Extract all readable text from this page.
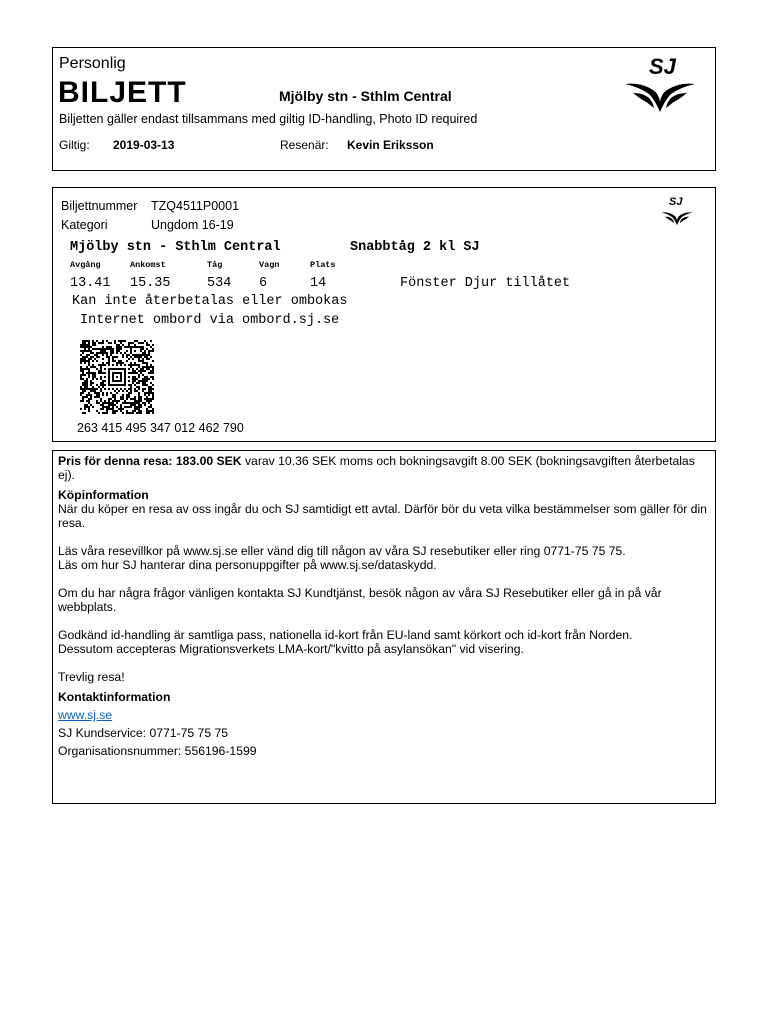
Personlig
BILJETT	Mjölby stn - Sthlm Central
Biljetten gäller endast tillsammans med giltig ID-handling, Photo ID required
Giltig: 2019-03-13	Resenär: Kevin Eriksson
SJ
Biljettnummer TZQ4511P0001
Kategori	Ungdom 16-19
SJ
Mjölby stn - Sthlm Central	Snabbtåg 2 kl SJ
Avgång	Ankomst	Tåg	Vagn	Plats
13.41 15.35	534 6	14	Fönster Djur tillåtet
Kan inte återbetalas eller ombokas
Internet ombord via ombord.sj.se
263 415 495 347 012 462 790

Pris för denna resa: 183.00 SEK varav 10.36 SEK moms och bokningsavgift 8.00 SEK (bokningsavgiften återbetalas ej).

Köpinformation

När du köper en resa av oss ingår du och SJ samtidigt ett avtal. Därför bör du veta vilka bestämmelser som gäller för din resa.

Läs våra resevillkor på www.sj.se eller vänd dig till någon av våra SJ resebutiker eller ring 0771-75 75 75.

Läs om hur SJ hanterar dina personuppgifter på www.sj.se/dataskydd.

Om du har några frågor vänligen kontakta SJ Kundtjänst, besök någon av våra SJ Resebutiker eller gå in på vår webbplats.

Godkänd id-handling är samtliga pass, nationella id-kort från EU-land samt körkort och id-kort från Norden.

Dessutom accepteras Migrationsverkets LMA-kort/"kvitto på asylansökan" vid visering.

Trevlig resa!

Kontaktinformation

www.sj.se

SJ Kundservice: 0771-75 75 75

Organisationsnummer: 556196-1599
